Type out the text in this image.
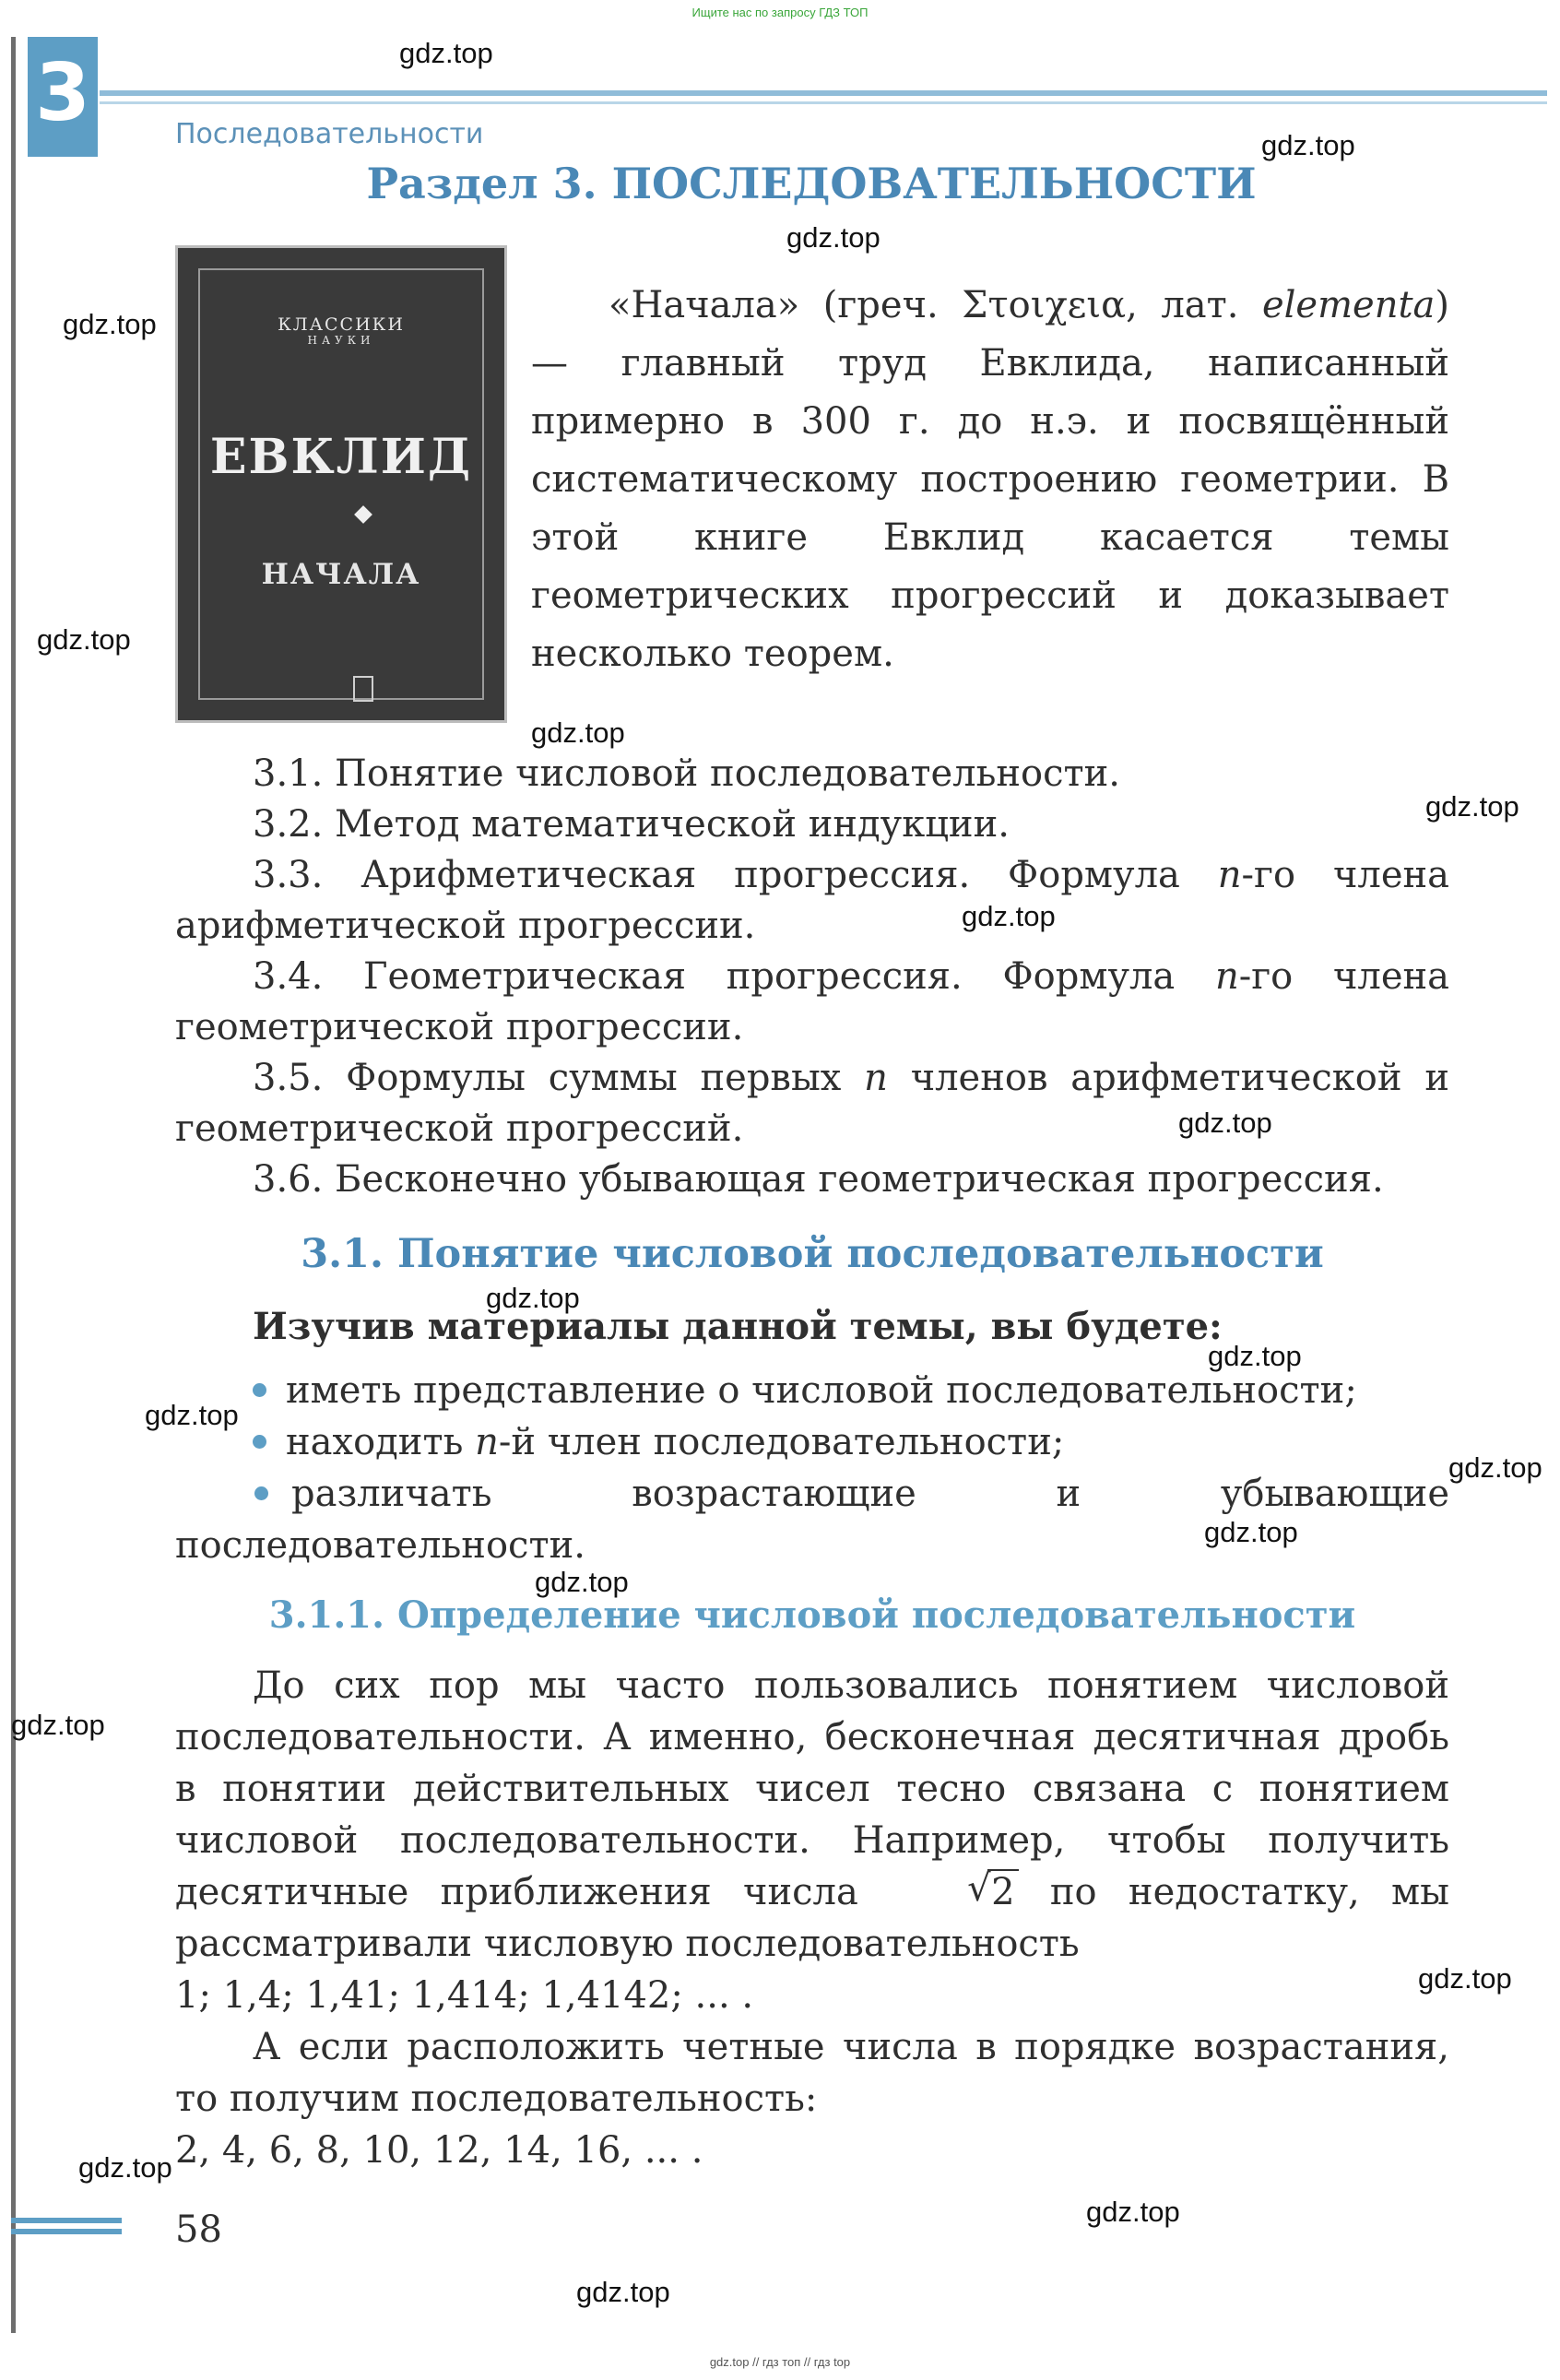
Ищите нас по запросу ГДЗ ТОП
3	Последовательности
Раздел 3. ПОСЛЕДОВАТЕЛЬНОСТИ
КЛАССИКИ
НАУКИ
ЕВКЛИД
НАЧАЛА

«Начала» (греч. Στοιχεια, лат. elementa) — главный труд Евклида, написанный примерно в 300 г. до н.э. и посвящённый систематическому построению геометрии. В этой книге Евклид касается темы геометрических прогрессий и доказывает несколько теорем.

3.1. Понятие числовой последовательности.
3.2. Метод математической индукции.
3.3. Арифметическая прогрессия. Формула n-го члена арифметической прогрессии.
3.4. Геометрическая прогрессия. Формула n-го члена геометрической прогрессии.
3.5. Формулы суммы первых n членов арифметической и геометрической прогрессий.
3.6. Бесконечно убывающая геометрическая прогрессия.
3.1. Понятие числовой последовательности
Изучив материалы данной темы, вы будете:
иметь представление о числовой последовательности;
находить n-й член последовательности;
различать возрастающие и убывающие последовательности.
3.1.1. Определение числовой последовательности

До сих пор мы часто пользовались понятием числовой последовательности. А именно, бесконечная десятичная дробь в понятии действительных чисел тесно связана с понятием числовой последовательности. Например, чтобы получить десятичные приближения числа	√ 2 по недостатку, мы рассматривали числовую последовательность

1; 1,4; 1,41; 1,414; 1,4142; ... .

А если расположить четные числа в порядке возрастания, то получим последовательность:

2, 4, 6, 8, 10, 12, 14, 16, ... .

58
gdz.top
gdz.top
gdz.top
gdz.top
gdz.top
gdz.top
gdz.top
gdz.top
gdz.top
gdz.top
gdz.top
gdz.top
gdz.top
gdz.top
gdz.top
gdz.top
gdz.top
gdz.top
gdz.top
gdz.top
gdz.top // гдз топ // гдз top
